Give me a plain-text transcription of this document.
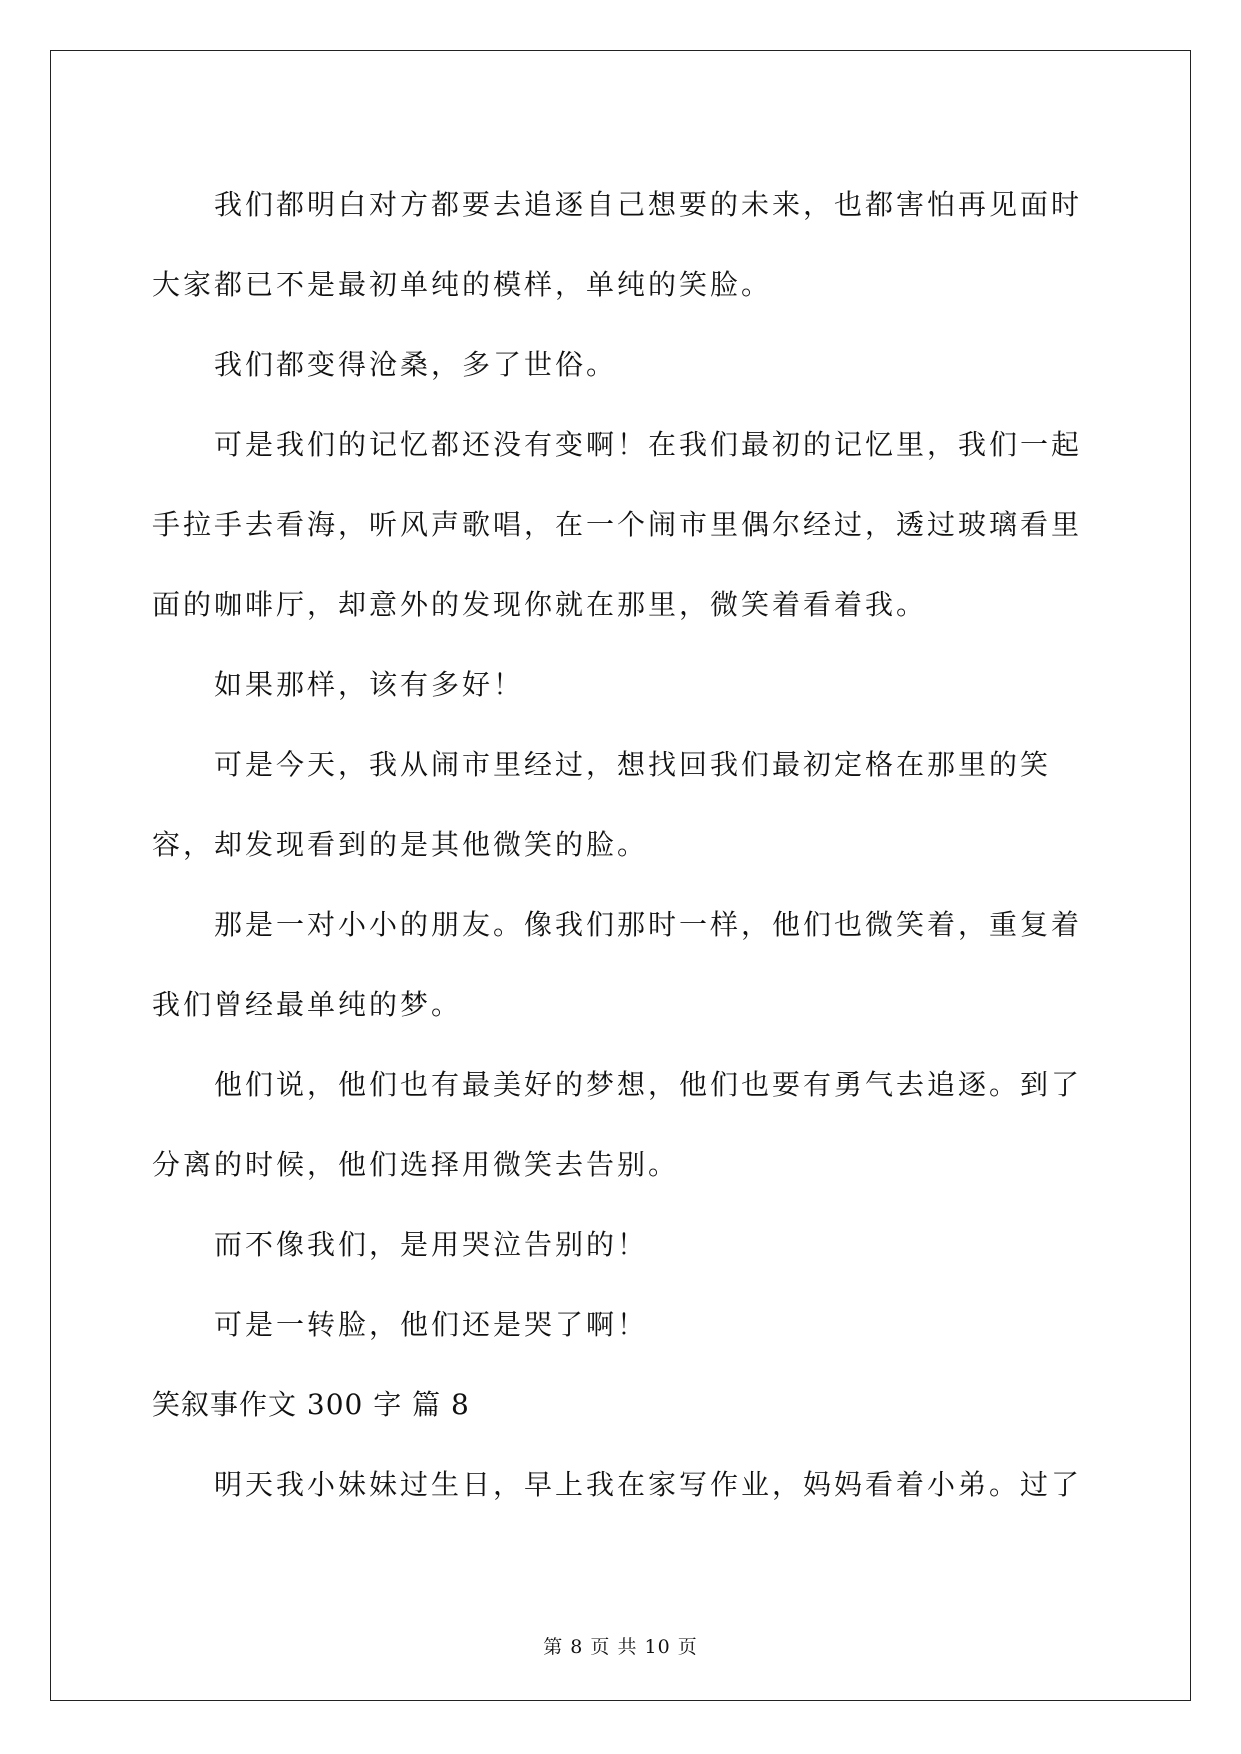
我们都明白对方都要去追逐自己想要的未来，也都害怕再见面时大家都已不是最初单纯的模样，单纯的笑脸。

我们都变得沧桑，多了世俗。

可是我们的记忆都还没有变啊！在我们最初的记忆里，我们一起手拉手去看海，听风声歌唱，在一个闹市里偶尔经过，透过玻璃看里面的咖啡厅，却意外的发现你就在那里，微笑着看着我。

如果那样，该有多好！

可是今天，我从闹市里经过，想找回我们最初定格在那里的笑容，却发现看到的是其他微笑的脸。

那是一对小小的朋友。像我们那时一样，他们也微笑着，重复着我们曾经最单纯的梦。

他们说，他们也有最美好的梦想，他们也要有勇气去追逐。到了分离的时候，他们选择用微笑去告别。

而不像我们，是用哭泣告别的！

可是一转脸，他们还是哭了啊！

笑叙事作文 300 字 篇 8

明天我小妹妹过生日，早上我在家写作业，妈妈看着小弟。过了

第 8 页 共 10 页
